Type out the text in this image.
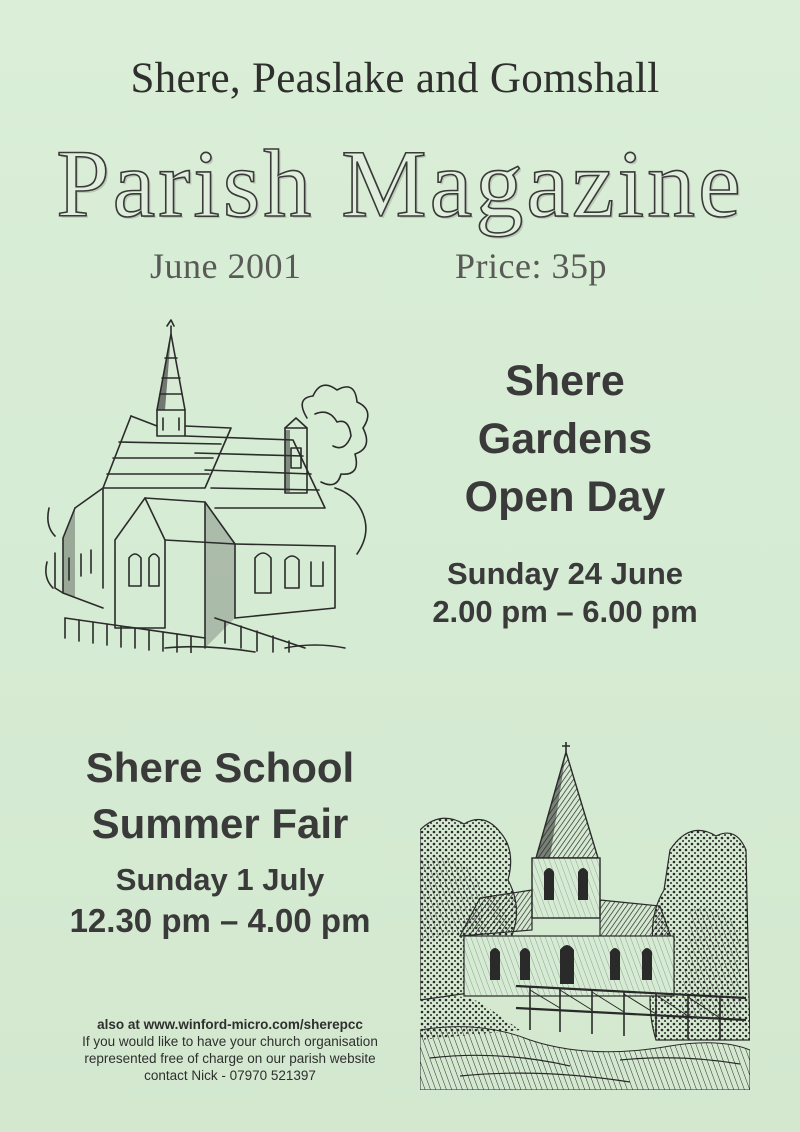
Shere, Peaslake and Gomshall
Parish Magazine
June 2001	Price: 35p
Shere
Gardens
Open Day
Sunday 24 June
2.00 pm – 6.00 pm
Shere School
Summer Fair
Sunday 1 July
12.30 pm – 4.00 pm
also at www.winford-micro.com/sherepcc
If you would like to have your church organisation
represented free of charge on our parish website
contact Nick - 07970 521397
